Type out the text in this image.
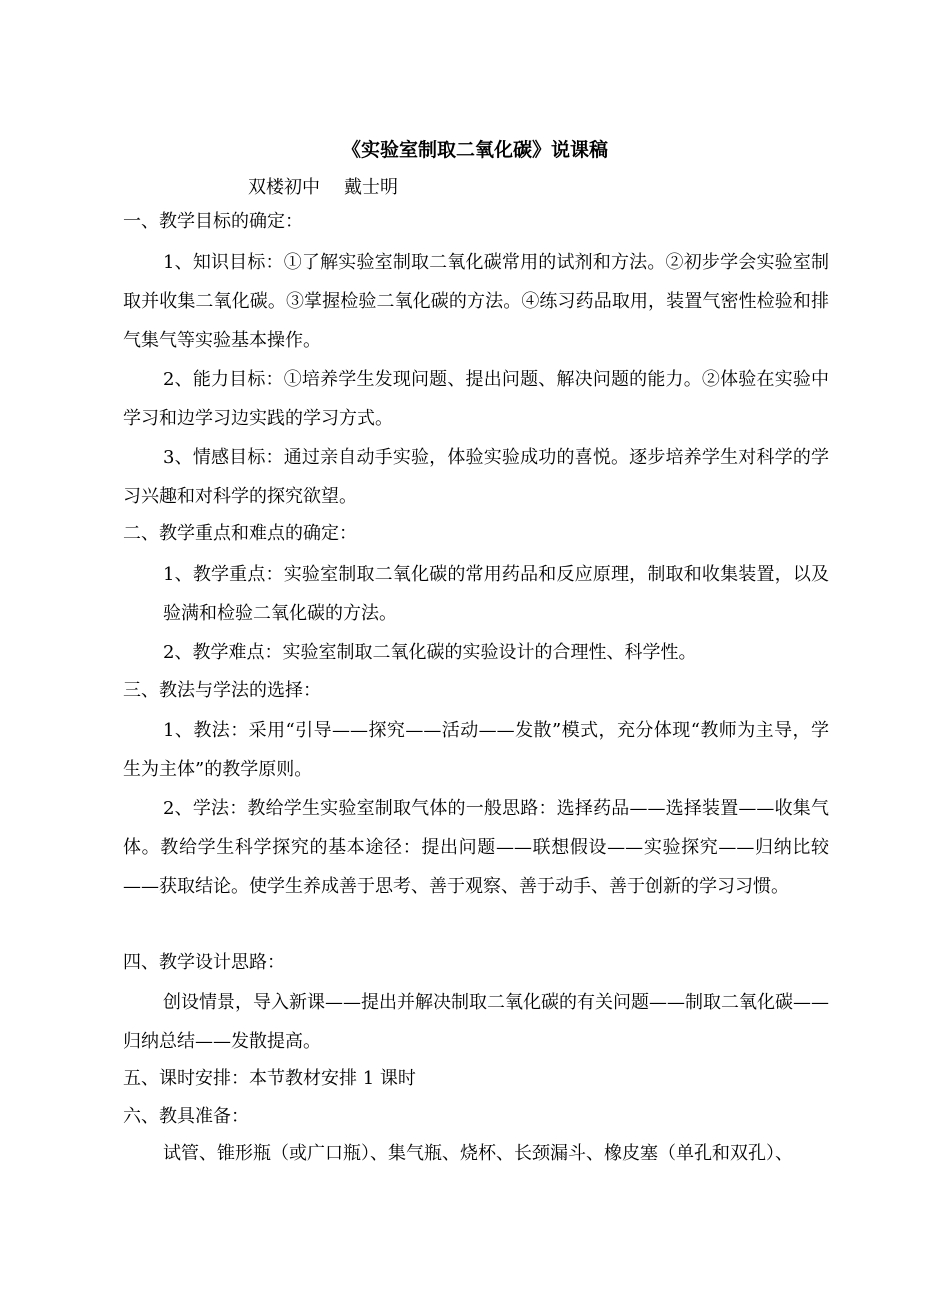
《实验室制取二氧化碳》说课稿
双楼初中 戴士明
一、教学目标的确定：
1、知识目标：①了解实验室制取二氧化碳常用的试剂和方法。②初步学会实验室制取并收集二氧化碳。③掌握检验二氧化碳的方法。④练习药品取用，装置气密性检验和排气集气等实验基本操作。
2、能力目标：①培养学生发现问题、提出问题、解决问题的能力。②体验在实验中学习和边学习边实践的学习方式。
3、情感目标：通过亲自动手实验，体验实验成功的喜悦。逐步培养学生对科学的学习兴趣和对科学的探究欲望。
二、教学重点和难点的确定：
1、教学重点：实验室制取二氧化碳的常用药品和反应原理，制取和收集装置，以及验满和检验二氧化碳的方法。
2、教学难点：实验室制取二氧化碳的实验设计的合理性、科学性。
三、教法与学法的选择：
1、教法：采用“引导——探究——活动——发散”模式，充分体现“教师为主导，学生为主体”的教学原则。
2、学法：教给学生实验室制取气体的一般思路：选择药品——选择装置——收集气体。教给学生科学探究的基本途径：提出问题——联想假设——实验探究——归纳比较——获取结论。使学生养成善于思考、善于观察、善于动手、善于创新的学习习惯。
四、教学设计思路：
创设情景，导入新课——提出并解决制取二氧化碳的有关问题——制取二氧化碳——归纳总结——发散提高。
五、课时安排：本节教材安排 1 课时
六、教具准备：
试管、锥形瓶（或广口瓶）、集气瓶、烧杯、长颈漏斗、橡皮塞（单孔和双孔）、
